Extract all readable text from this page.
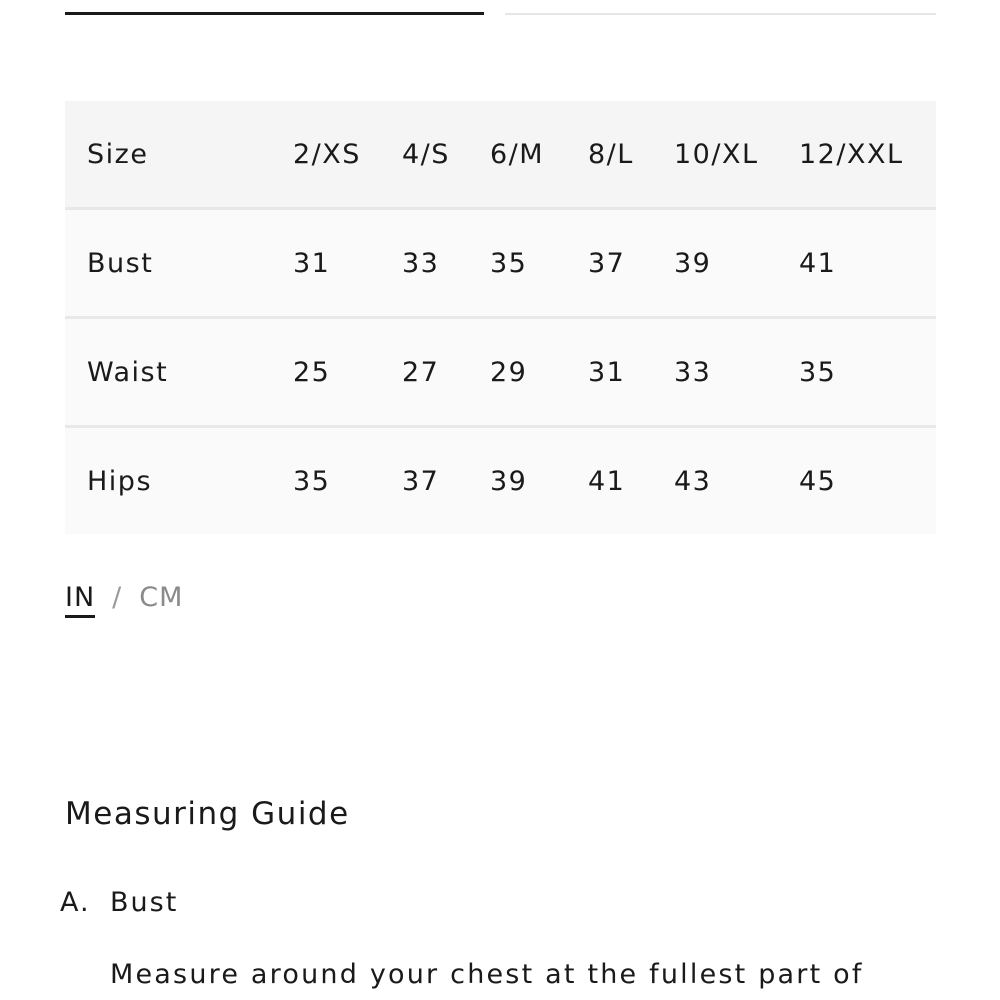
Size	2/XS 4/S 6/M 8/L 10/XL 12/XXL
Bust	31	33 35 37 39	41
Waist	25	27 29 31 33	35
Hips	35	37 39 41 43	45
IN / CM
Measuring Guide
A. Bust
Measure around your chest at the fullest part of
